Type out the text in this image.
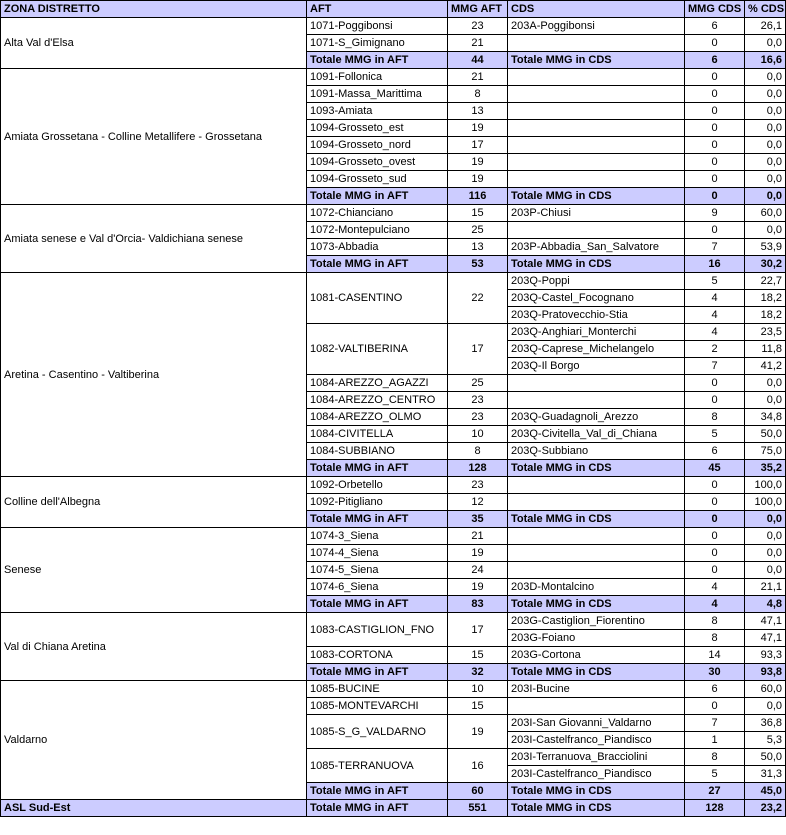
ZONA DISTRETTO	AFT	MMG AFT	CDS	MMG CDS	% CDS
Alta Val d'Elsa	1071-Poggibonsi	23	203A-Poggibonsi	6	26,1
	1071-S_Gimignano	21		0	0,0
	Totale MMG in AFT	44	Totale MMG in CDS	6	16,6
Amiata Grossetana - Colline Metallifere - Grossetana	1091-Follonica	21		0	0,0
	1091-Massa_Marittima	8		0	0,0
	1093-Amiata	13		0	0,0
	1094-Grosseto_est	19		0	0,0
	1094-Grosseto_nord	17		0	0,0
	1094-Grosseto_ovest	19		0	0,0
	1094-Grosseto_sud	19		0	0,0
	Totale MMG in AFT	116	Totale MMG in CDS	0	0,0
Amiata senese e Val d'Orcia- Valdichiana senese	1072-Chianciano	15	203P-Chiusi	9	60,0
	1072-Montepulciano	25		0	0,0
	1073-Abbadia	13	203P-Abbadia_San_Salvatore	7	53,9
	Totale MMG in AFT	53	Totale MMG in CDS	16	30,2
Aretina - Casentino - Valtiberina	1081-CASENTINO	22	203Q-Poppi	5	22,7
			203Q-Castel_Focognano	4	18,2
			203Q-Pratovecchio-Stia	4	18,2
	1082-VALTIBERINA	17	203Q-Anghiari_Monterchi	4	23,5
			203Q-Caprese_Michelangelo	2	11,8
			203Q-Il Borgo	7	41,2
	1084-AREZZO_AGAZZI	25		0	0,0
	1084-AREZZO_CENTRO	23		0	0,0
	1084-AREZZO_OLMO	23	203Q-Guadagnoli_Arezzo	8	34,8
	1084-CIVITELLA	10	203Q-Civitella_Val_di_Chiana	5	50,0
	1084-SUBBIANO	8	203Q-Subbiano	6	75,0
	Totale MMG in AFT	128	Totale MMG in CDS	45	35,2
Colline dell'Albegna	1092-Orbetello	23		0	100,0
	1092-Pitigliano	12		0	100,0
	Totale MMG in AFT	35	Totale MMG in CDS	0	0,0
Senese	1074-3_Siena	21		0	0,0
	1074-4_Siena	19		0	0,0
	1074-5_Siena	24		0	0,0
	1074-6_Siena	19	203D-Montalcino	4	21,1
	Totale MMG in AFT	83	Totale MMG in CDS	4	4,8
Val di Chiana Aretina	1083-CASTIGLION_FNO	17	203G-Castiglion_Fiorentino	8	47,1
			203G-Foiano	8	47,1
	1083-CORTONA	15	203G-Cortona	14	93,3
	Totale MMG in AFT	32	Totale MMG in CDS	30	93,8
Valdarno	1085-BUCINE	10	203I-Bucine	6	60,0
	1085-MONTEVARCHI	15		0	0,0
	1085-S_G_VALDARNO	19	203I-San Giovanni_Valdarno	7	36,8
			203I-Castelfranco_Piandisco	1	5,3
	1085-TERRANUOVA	16	203I-Terranuova_Bracciolini	8	50,0
			203I-Castelfranco_Piandisco	5	31,3
	Totale MMG in AFT	60	Totale MMG in CDS	27	45,0
ASL Sud-Est	Totale MMG in AFT	551	Totale MMG in CDS	128	23,2
